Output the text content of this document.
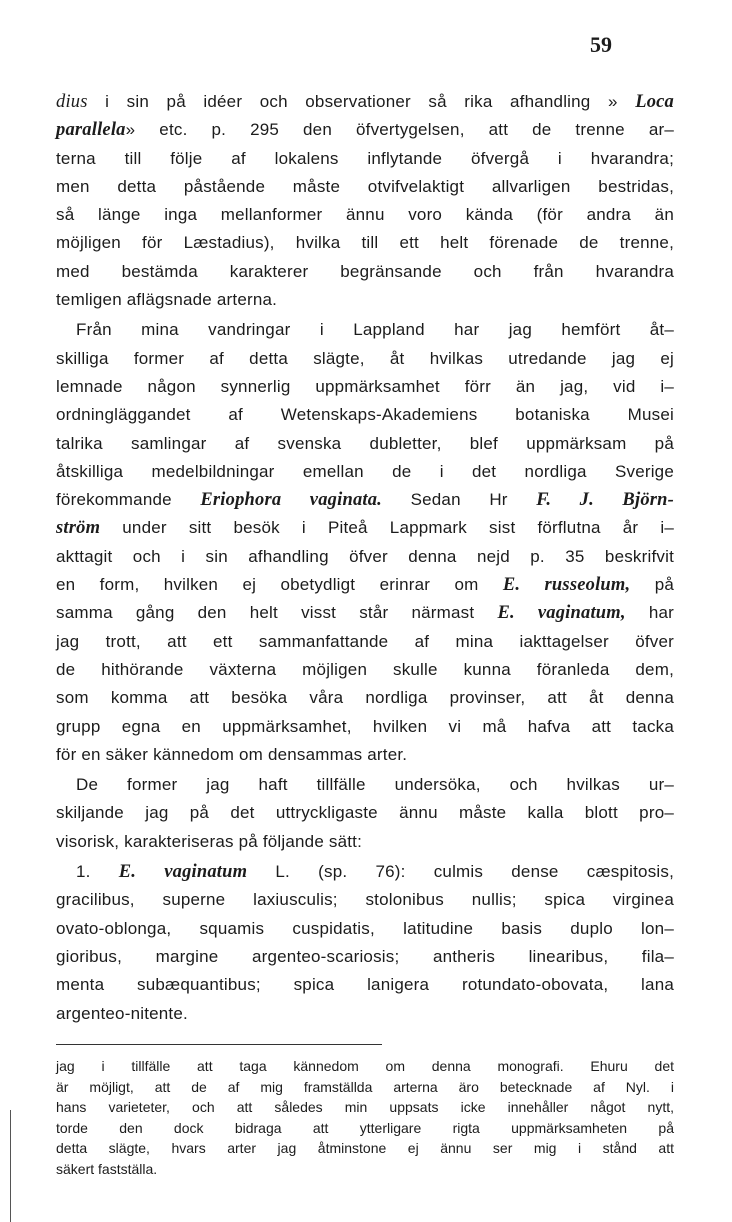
59

dius i sin på idéer och observationer så rika afhandling » Loca

parallela» etc. p. 295 den öfvertygelsen, att de trenne ar–

terna till följe af lokalens inflytande öfvergå i hvarandra;

men detta påstående måste otvifvelaktigt allvarligen bestridas,

så länge inga mellanformer ännu voro kända (för andra än

möjligen för Læstadius), hvilka till ett helt förenade de trenne,

med bestämda karakterer begränsande och från hvarandra

temligen aflägsnade arterna.

Från mina vandringar i Lappland har jag hemfört åt–

skilliga former af detta slägte, åt hvilkas utredande jag ej

lemnade någon synnerlig uppmärksamhet förr än jag, vid i–

ordningläggandet af Wetenskaps-Akademiens botaniska Musei

talrika samlingar af svenska dubletter, blef uppmärksam på

åtskilliga medelbildningar emellan de i det nordliga Sverige

förekommande Eriophora vaginata. Sedan Hr F. J. Björn-

ström under sitt besök i Piteå Lappmark sist förflutna år i–

akttagit och i sin afhandling öfver denna nejd p. 35 beskrifvit

en form, hvilken ej obetydligt erinrar om E. russeolum, på

samma gång den helt visst står närmast E. vaginatum, har

jag trott, att ett sammanfattande af mina iakttagelser öfver

de hithörande växterna möjligen skulle kunna föranleda dem,

som komma att besöka våra nordliga provinser, att åt denna

grupp egna en uppmärksamhet, hvilken vi må hafva att tacka

för en säker kännedom om densammas arter.

De former jag haft tillfälle undersöka, och hvilkas ur–

skiljande jag på det uttryckligaste ännu måste kalla blott pro–

visorisk, karakteriseras på följande sätt:

1. E. vaginatum L. (sp. 76): culmis dense cæspitosis,

gracilibus, superne laxiusculis; stolonibus nullis; spica virginea

ovato-oblonga, squamis cuspidatis, latitudine basis duplo lon–

gioribus, margine argenteo-scariosis; antheris linearibus, fila–

menta subæquantibus; spica lanigera rotundato-obovata, lana

argenteo-nitente.

jag i tillfälle att taga kännedom om denna monografi. Ehuru det

är möjligt, att de af mig framställda arterna äro betecknade af Nyl. i

hans varieteter, och att således min uppsats icke innehåller något nytt,

torde den dock bidraga att ytterligare rigta uppmärksamheten på

detta slägte, hvars arter jag åtminstone ej ännu ser mig i stånd att

säkert fastställa.
